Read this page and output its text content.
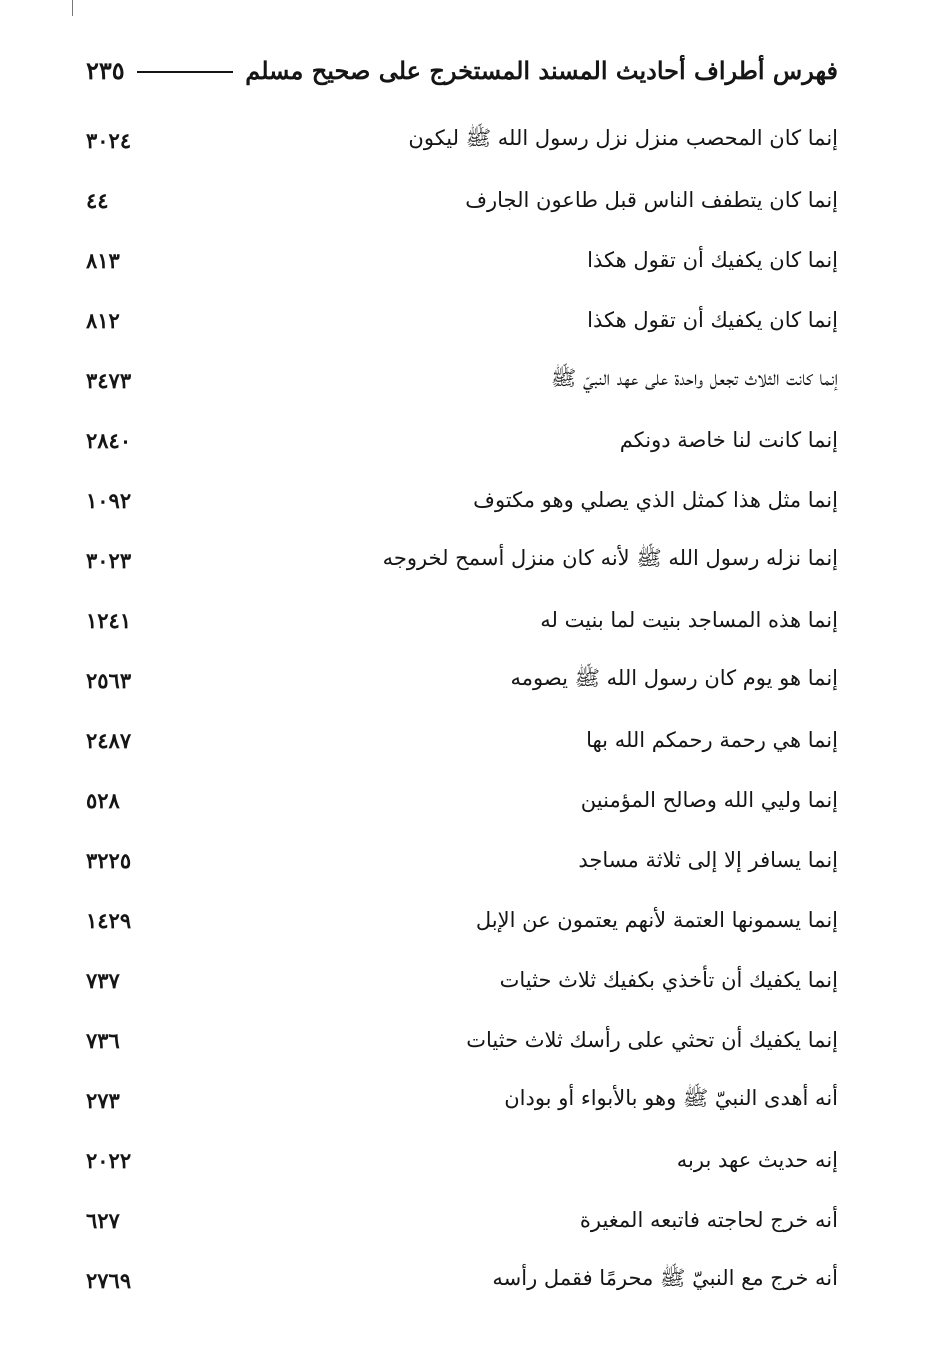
فهرس أطراف أحاديث المسند المستخرج على صحيح مسلم
٢٣٥
إنما كان المحصب منزل نزل رسول الله ﷺ ليكون
٣٠٢٤
إنما كان يتطفف الناس قبل طاعون الجارف
٤٤
إنما كان يكفيك أن تقول هكذا
٨١٣
إنما كان يكفيك أن تقول هكذا
٨١٢
إنما كانت الثلاث تجعل واحدة على عهد النبيّ ﷺ
٣٤٧٣
إنما كانت لنا خاصة دونكم
٢٨٤٠
إنما مثل هذا كمثل الذي يصلي وهو مكتوف
١٠٩٢
إنما نزله رسول الله ﷺ لأنه كان منزل أسمح لخروجه
٣٠٢٣
إنما هذه المساجد بنيت لما بنيت له
١٢٤١
إنما هو يوم كان رسول الله ﷺ يصومه
٢٥٦٣
إنما هي رحمة رحمكم الله بها
٢٤٨٧
إنما وليي الله وصالح المؤمنين
٥٢٨
إنما يسافر إلا إلى ثلاثة مساجد
٣٢٢٥
إنما يسمونها العتمة لأنهم يعتمون عن الإبل
١٤٢٩
إنما يكفيك أن تأخذي بكفيك ثلاث حثيات
٧٣٧
إنما يكفيك أن تحثي على رأسك ثلاث حثيات
٧٣٦
أنه أهدى النبيّ ﷺ وهو بالأبواء أو بودان
٢٧٣
إنه حديث عهد بربه
٢٠٢٢
أنه خرج لحاجته فاتبعه المغيرة
٦٢٧
أنه خرج مع النبيّ ﷺ محرمًا فقمل رأسه
٢٧٦٩
